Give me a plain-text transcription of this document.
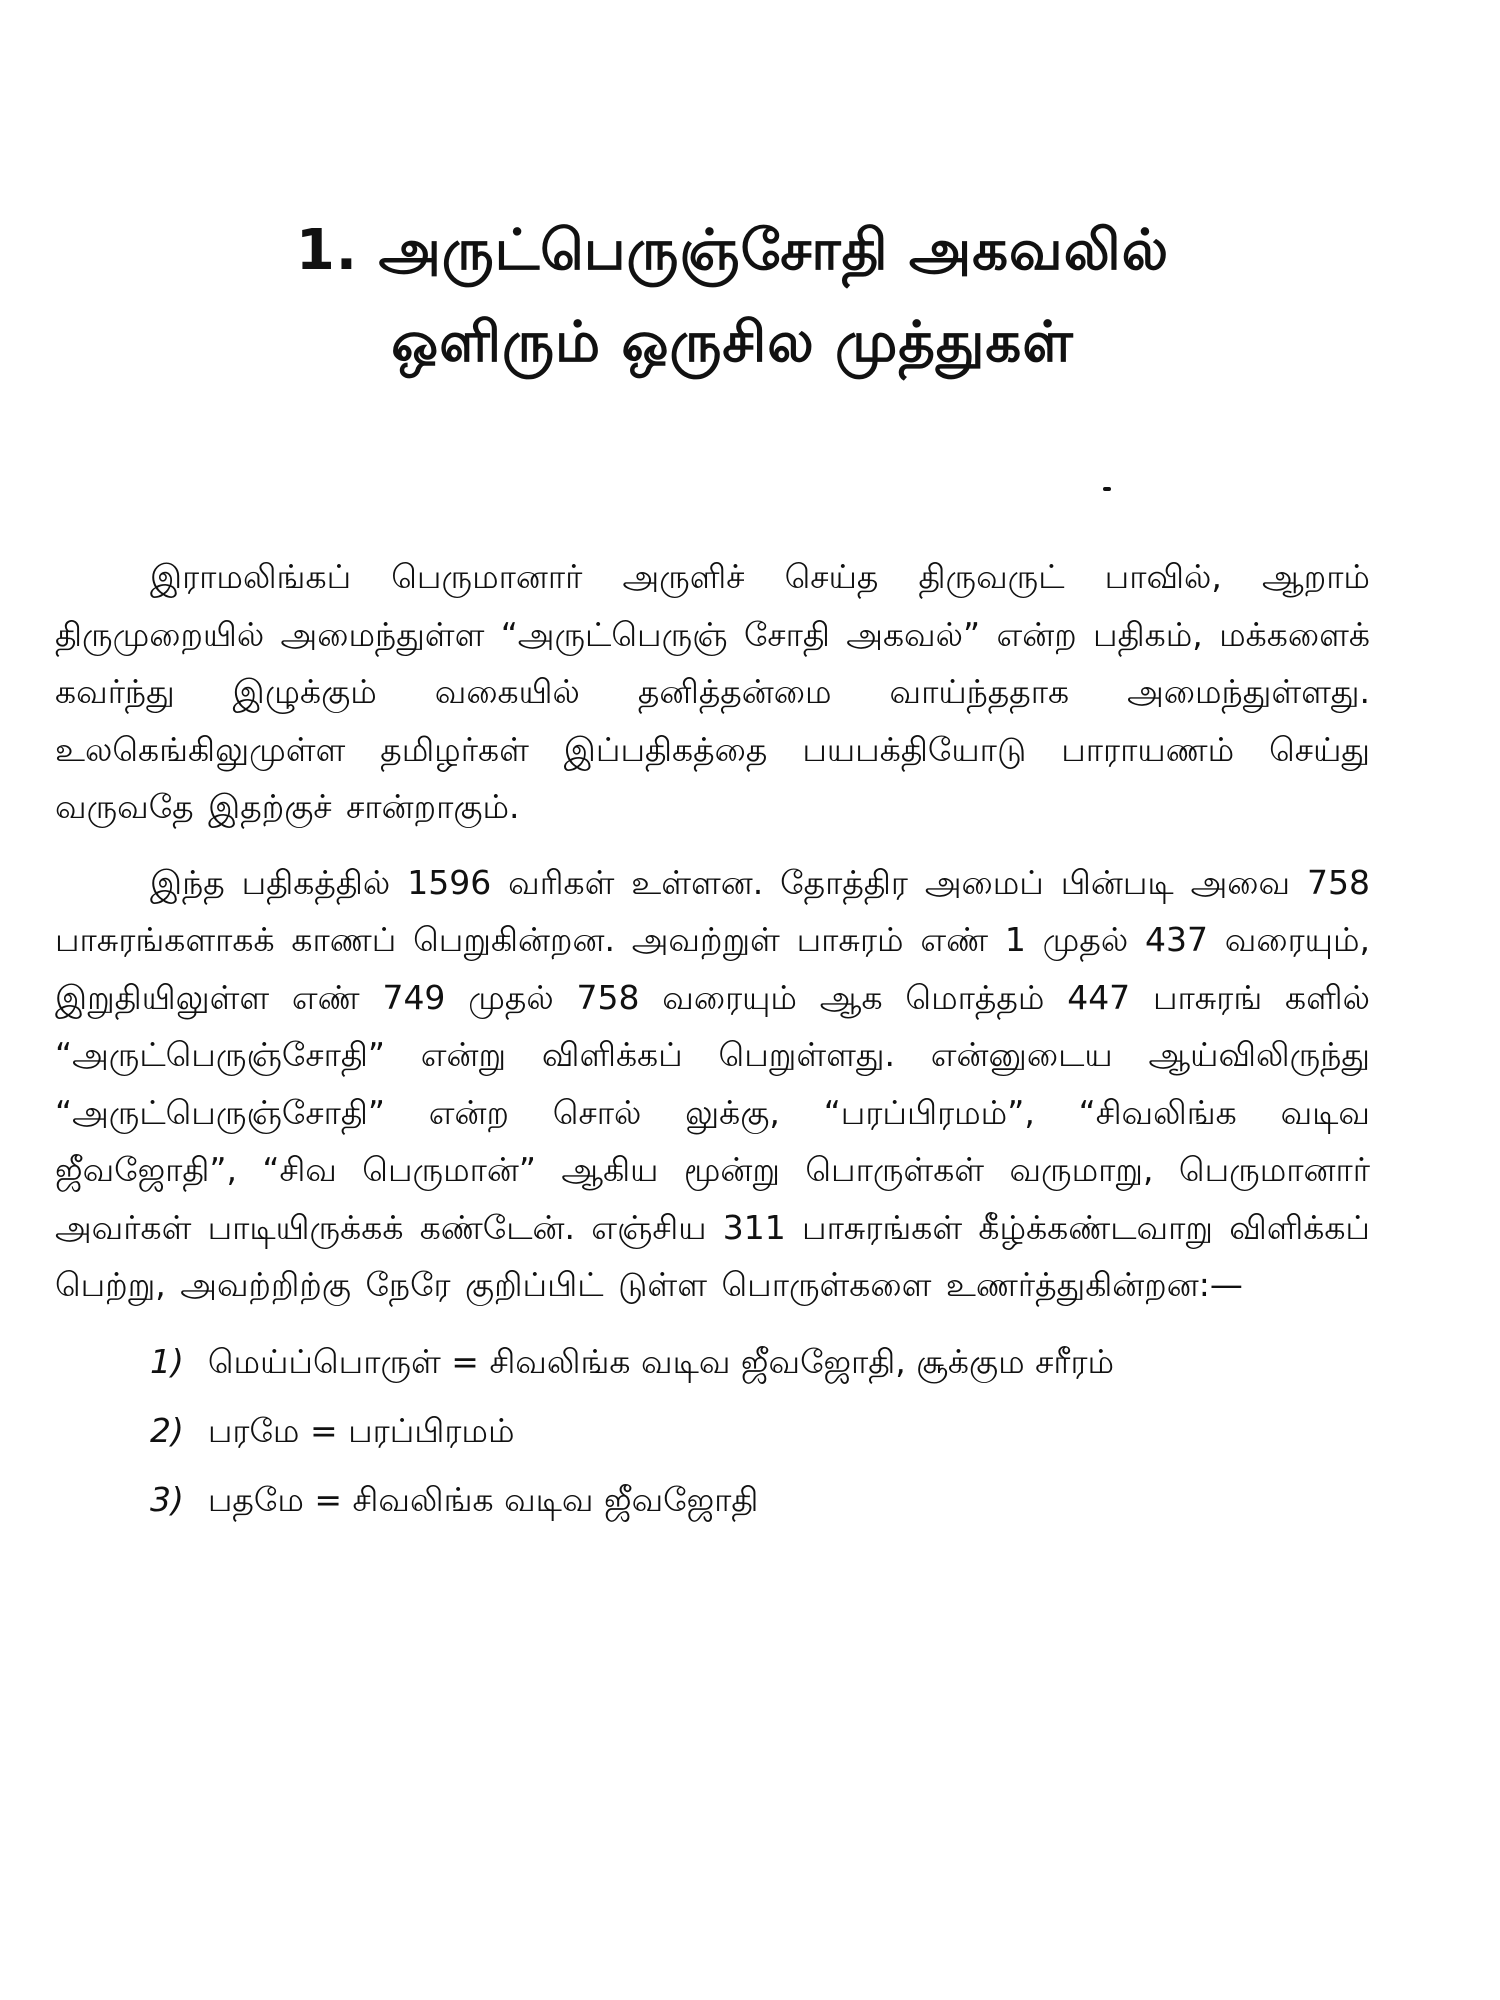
1. அருட்பெருஞ்சோதி அகவலில்
ஒளிரும் ஒருசில முத்துகள்

இராமலிங்கப் பெருமானார் அருளிச் செய்த திருவருட் பாவில், ஆறாம் திருமுறையில் அமைந்துள்ள “அருட்பெருஞ் சோதி அகவல்” என்ற பதிகம், மக்களைக் கவர்ந்து இழுக்கும் வகையில் தனித்தன்மை வாய்ந்ததாக அமைந்துள்ளது. உலகெங்கிலுமுள்ள தமிழர்கள் இப்பதிகத்தை பயபக்தியோடு பாராயணம் செய்து வருவதே இதற்குச் சான்றாகும்.

இந்த பதிகத்தில் 1596 வரிகள் உள்ளன. தோத்திர அமைப் பின்படி அவை 758 பாசுரங்களாகக் காணப் பெறுகின்றன. அவற்றுள் பாசுரம் எண் 1 முதல் 437 வரையும், இறுதியிலுள்ள எண் 749 முதல் 758 வரையும் ஆக மொத்தம் 447 பாசுரங் களில் “அருட்பெருஞ்சோதி” என்று விளிக்கப் பெறுள்ளது. என்னுடைய ஆய்விலிருந்து “அருட்பெருஞ்சோதி” என்ற சொல் லுக்கு, “பரப்பிரமம்”, “சிவலிங்க வடிவ ஜீவஜோதி”, “சிவ பெருமான்” ஆகிய மூன்று பொருள்கள் வருமாறு, பெருமானார் அவர்கள் பாடியிருக்கக் கண்டேன். எஞ்சிய 311 பாசுரங்கள் கீழ்க்கண்டவாறு விளிக்கப் பெற்று, அவற்றிற்கு நேரே குறிப்பிட் டுள்ள பொருள்களை உணர்த்துகின்றன:—

1) மெய்ப்பொருள் = சிவலிங்க வடிவ ஜீவஜோதி, சூக்கும சரீரம்
2) பரமே = பரப்பிரமம்
3) பதமே = சிவலிங்க வடிவ ஜீவஜோதி
